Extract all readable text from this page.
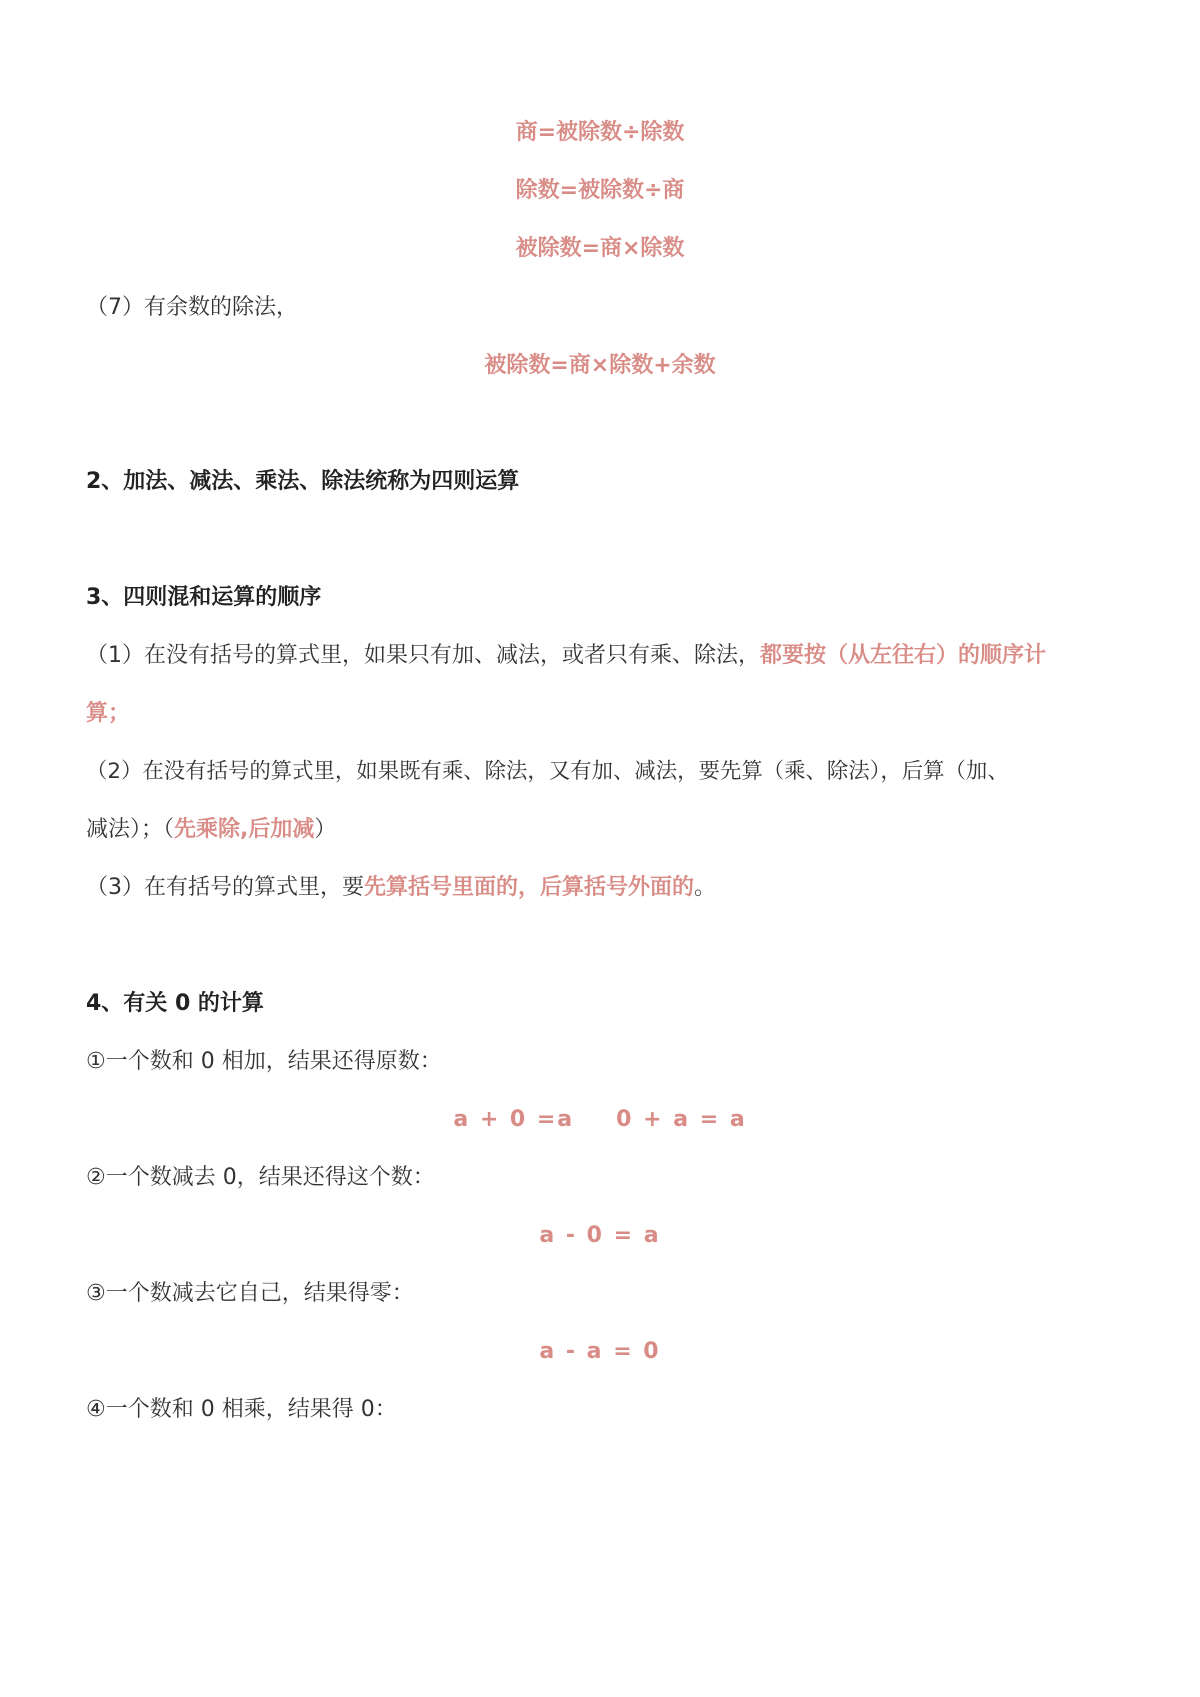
商=被除数÷除数
除数=被除数÷商
被除数=商×除数
（7）有余数的除法，
被除数=商×除数+余数
2、加法、减法、乘法、除法统称为四则运算
3、四则混和运算的顺序
（1）在没有括号的算式里，如果只有加、减法，或者只有乘、除法，都要按（从左往右）的顺序计
算；
（2）在没有括号的算式里，如果既有乘、除法，又有加、减法，要先算（乘、除法），后算（加、
减法）；（先乘除,后加减）
（3）在有括号的算式里，要先算括号里面的，后算括号外面的。
4、有关 0 的计算
①一个数和 0 相加，结果还得原数：
a + 0 =a 0 + a = a
②一个数减去 0，结果还得这个数：
a - 0 = a
③一个数减去它自己，结果得零：
a - a = 0
④一个数和 0 相乘，结果得 0：
